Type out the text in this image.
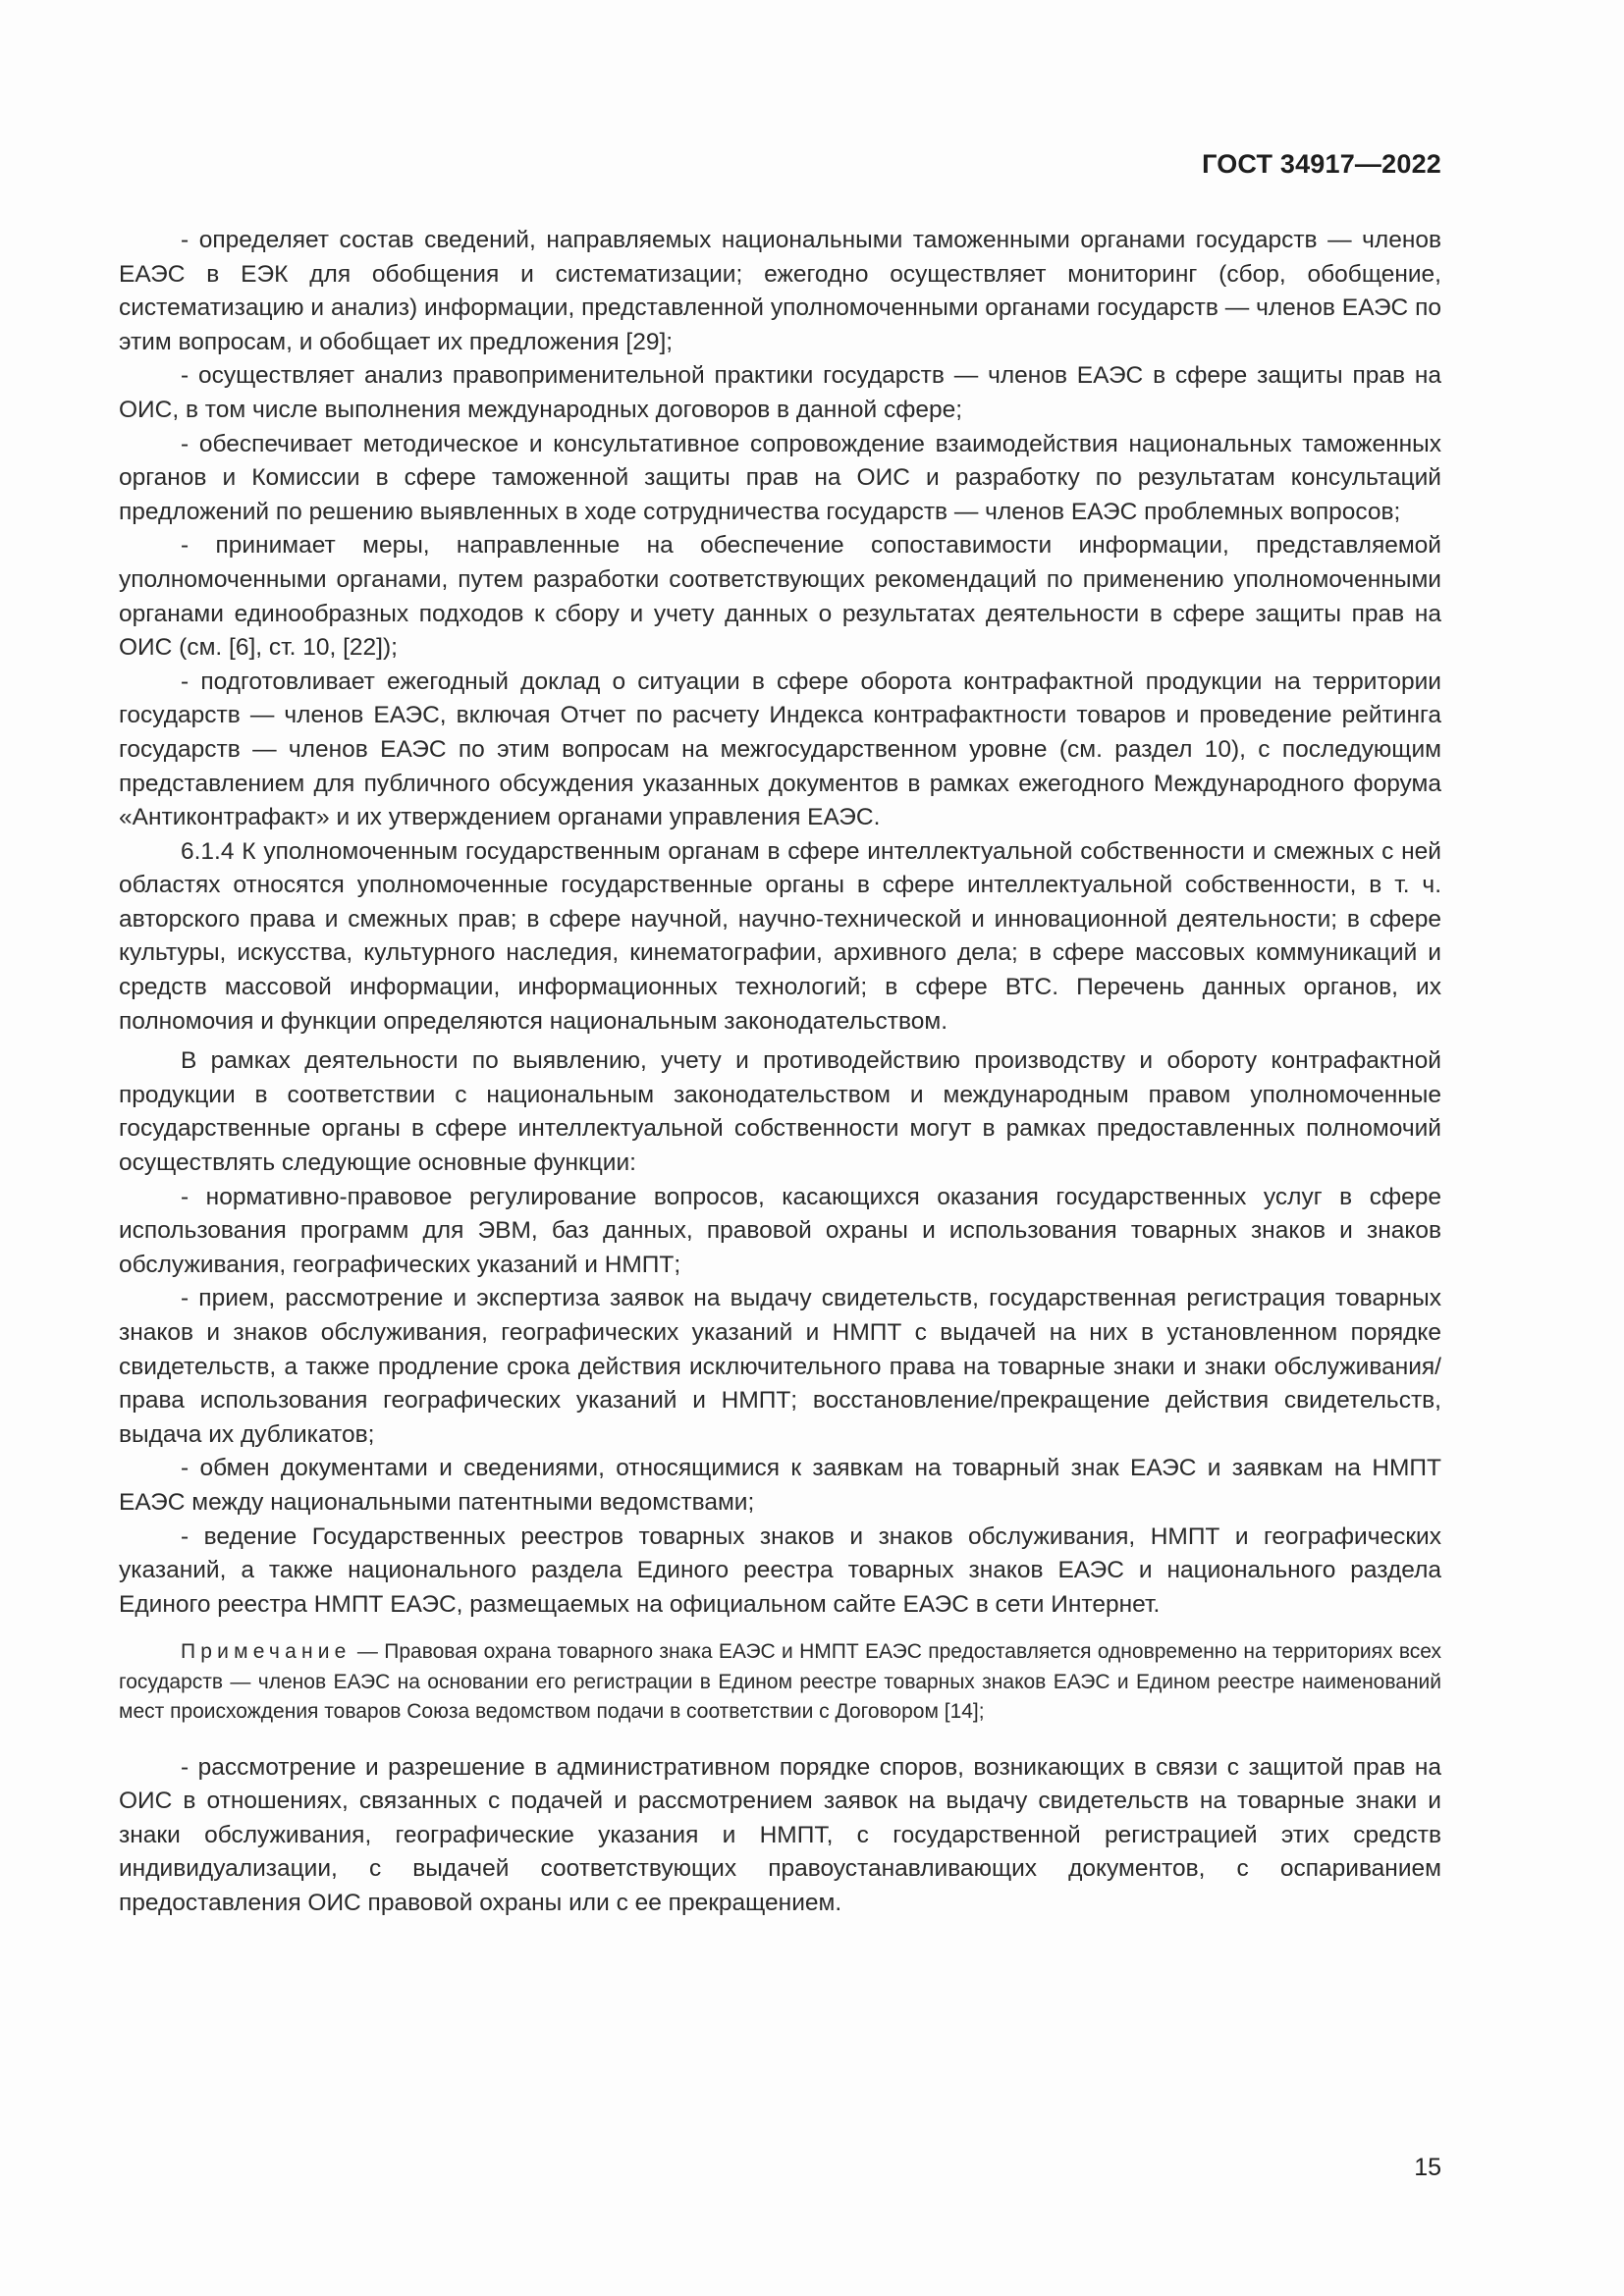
ГОСТ 34917—2022

- определяет состав сведений, направляемых национальными таможенными органами государств — членов ЕАЭС в ЕЭК для обобщения и систематизации; ежегодно осуществляет мониторинг (сбор, обобщение, систематизацию и анализ) информации, представленной уполномоченными органами государств — членов ЕАЭС по этим вопросам, и обобщает их предложения [29];

- осуществляет анализ правоприменительной практики государств — членов ЕАЭС в сфере защиты прав на ОИС, в том числе выполнения международных договоров в данной сфере;

- обеспечивает методическое и консультативное сопровождение взаимодействия национальных таможенных органов и Комиссии в сфере таможенной защиты прав на ОИС и разработку по результатам консультаций предложений по решению выявленных в ходе сотрудничества государств — членов ЕАЭС проблемных вопросов;

- принимает меры, направленные на обеспечение сопоставимости информации, представляемой уполномоченными органами, путем разработки соответствующих рекомендаций по применению уполномоченными органами единообразных подходов к сбору и учету данных о результатах деятельности в сфере защиты прав на ОИС (см. [6], ст. 10, [22]);

- подготовливает ежегодный доклад о ситуации в сфере оборота контрафактной продукции на территории государств — членов ЕАЭС, включая Отчет по расчету Индекса контрафактности товаров и проведение рейтинга государств — членов ЕАЭС по этим вопросам на межгосударственном уровне (см. раздел 10), с последующим представлением для публичного обсуждения указанных документов в рамках ежегодного Международного форума «Антиконтрафакт» и их утверждением органами управления ЕАЭС.

6.1.4 К уполномоченным государственным органам в сфере интеллектуальной собственности и смежных с ней областях относятся уполномоченные государственные органы в сфере интеллектуальной собственности, в т. ч. авторского права и смежных прав; в сфере научной, научно-технической и инновационной деятельности; в сфере культуры, искусства, культурного наследия, кинематографии, архивного дела; в сфере массовых коммуникаций и средств массовой информации, информационных технологий; в сфере ВТС. Перечень данных органов, их полномочия и функции определяются национальным законодательством.

В рамках деятельности по выявлению, учету и противодействию производству и обороту контрафактной продукции в соответствии с национальным законодательством и международным правом уполномоченные государственные органы в сфере интеллектуальной собственности могут в рамках предоставленных полномочий осуществлять следующие основные функции:

- нормативно-правовое регулирование вопросов, касающихся оказания государственных услуг в сфере использования программ для ЭВМ, баз данных, правовой охраны и использования товарных знаков и знаков обслуживания, географических указаний и НМПТ;

- прием, рассмотрение и экспертиза заявок на выдачу свидетельств, государственная регистрация товарных знаков и знаков обслуживания, географических указаний и НМПТ с выдачей на них в установленном порядке свидетельств, а также продление срока действия исключительного права на товарные знаки и знаки обслуживания/права использования географических указаний и НМПТ; восстановление/прекращение действия свидетельств, выдача их дубликатов;

- обмен документами и сведениями, относящимися к заявкам на товарный знак ЕАЭС и заявкам на НМПТ ЕАЭС между национальными патентными ведомствами;

- ведение Государственных реестров товарных знаков и знаков обслуживания, НМПТ и географических указаний, а также национального раздела Единого реестра товарных знаков ЕАЭС и национального раздела Единого реестра НМПТ ЕАЭС, размещаемых на официальном сайте ЕАЭС в сети Интернет.

Примечание — Правовая охрана товарного знака ЕАЭС и НМПТ ЕАЭС предоставляется одновременно на территориях всех государств — членов ЕАЭС на основании его регистрации в Едином реестре товарных знаков ЕАЭС и Едином реестре наименований мест происхождения товаров Союза ведомством подачи в соответствии с Договором [14];

- рассмотрение и разрешение в административном порядке споров, возникающих в связи с защитой прав на ОИС в отношениях, связанных с подачей и рассмотрением заявок на выдачу свидетельств на товарные знаки и знаки обслуживания, географические указания и НМПТ, с государственной регистрацией этих средств индивидуализации, с выдачей соответствующих правоустанавливающих документов, с оспариванием предоставления ОИС правовой охраны или с ее прекращением.

15
